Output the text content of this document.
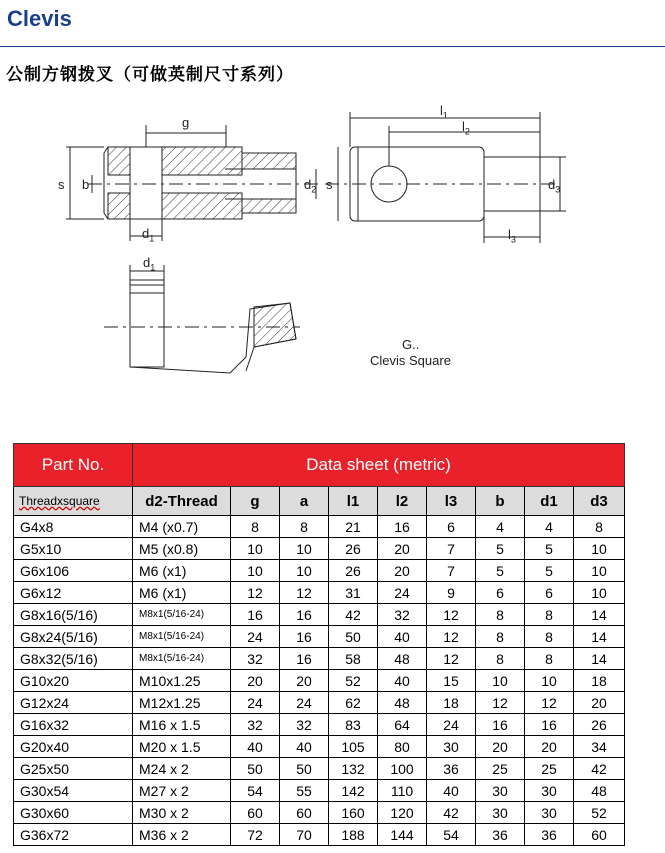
Clevis
公制方钢拨叉（可做英制尺寸系列）
g
s b
$d_1$
$d_2$
$l_1$
$l_2$
$l_3$
s	$d_3$
$d_1$
G..
Clevis Square
Part No.	Data sheet (metric)								
Threadxsquare	d2-Thread	g	a	l1	l2	l3	b	d1	d3
G4x8	M4 (x0.7)	8	8	21	16	6	4	4	8
G5x10	M5 (x0.8)	10	10	26	20	7	5	5	10
G6x106	M6 (x1)	10	10	26	20	7	5	5	10
G6x12	M6 (x1)	12	12	31	24	9	6	6	10
G8x16(5/16)	M8x1(5/16-24)	16	16	42	32	12	8	8	14
G8x24(5/16)	M8x1(5/16-24)	24	16	50	40	12	8	8	14
G8x32(5/16)	M8x1(5/16-24)	32	16	58	48	12	8	8	14
G10x20	M10x1.25	20	20	52	40	15	10	10	18
G12x24	M12x1.25	24	24	62	48	18	12	12	20
G16x32	M16 x 1.5	32	32	83	64	24	16	16	26
G20x40	M20 x 1.5	40	40	105	80	30	20	20	34
G25x50	M24 x 2	50	50	132	100	36	25	25	42
G30x54	M27 x 2	54	55	142	110	40	30	30	48
G30x60	M30 x 2	60	60	160	120	42	30	30	52
G36x72	M36 x 2	72	70	188	144	54	36	36	60
